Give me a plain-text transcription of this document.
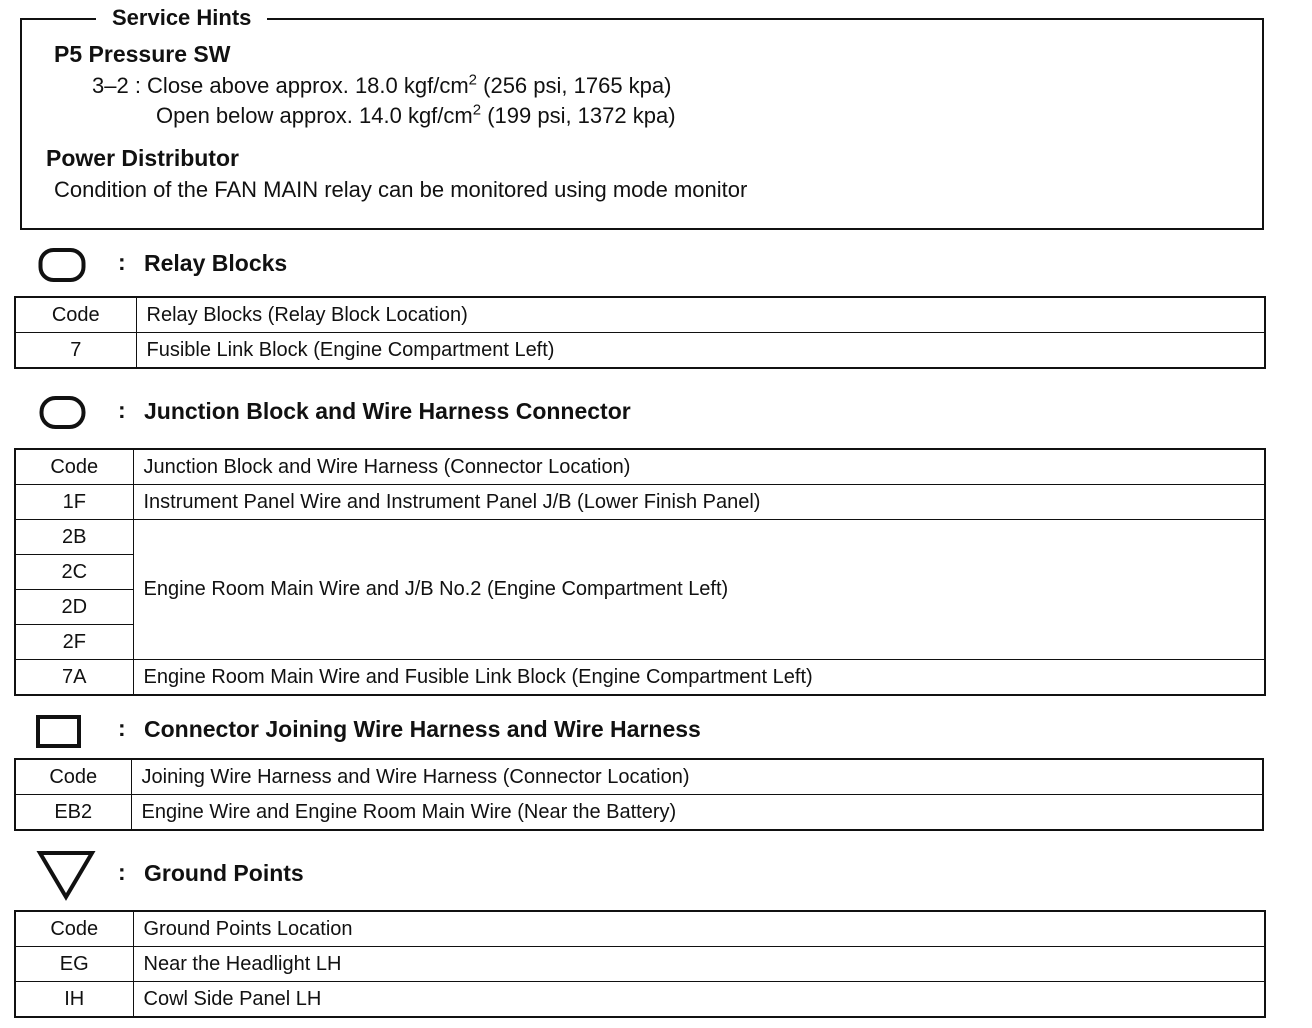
Service Hints
P5 Pressure SW
3–2 : Close above approx. 18.0 kgf/$cm^2$ (256 psi, 1765 kpa)
Open below approx. 14.0 kgf/$cm^2$ (199 psi, 1372 kpa)
Power Distributor
Condition of the FAN MAIN relay can be monitored using mode monitor
: Relay Blocks
Code	Relay Blocks (Relay Block Location)
7	Fusible Link Block (Engine Compartment Left)
: Junction Block and Wire Harness Connector
Code	Junction Block and Wire Harness (Connector Location)
1F	Instrument Panel Wire and Instrument Panel J/B (Lower Finish Panel)
2B	Engine Room Main Wire and J/B No.2 (Engine Compartment Left)
2C	
2D	
2F	
7A	Engine Room Main Wire and Fusible Link Block (Engine Compartment Left)
: Connector Joining Wire Harness and Wire Harness
Code	Joining Wire Harness and Wire Harness (Connector Location)
EB2	Engine Wire and Engine Room Main Wire (Near the Battery)
: Ground Points
Code	Ground Points Location
EG	Near the Headlight LH
IH	Cowl Side Panel LH
